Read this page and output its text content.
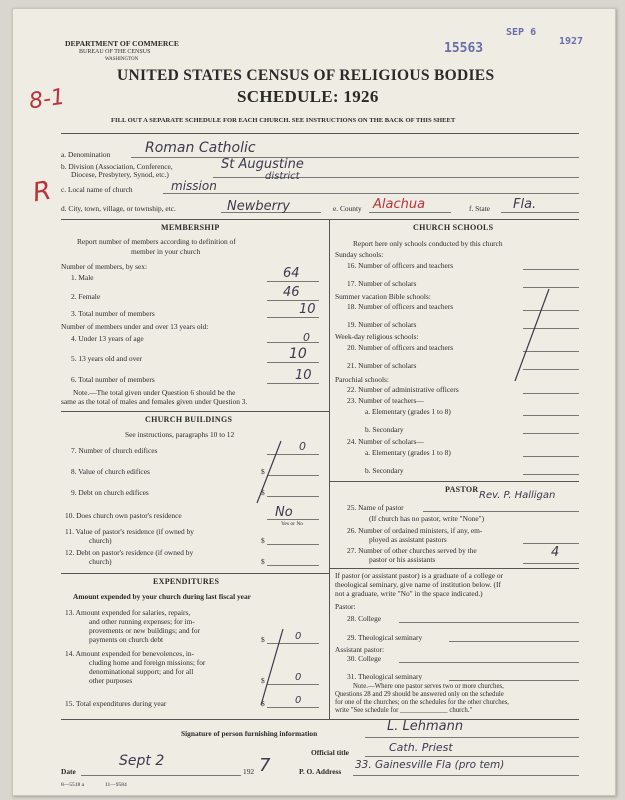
DEPARTMENT OF COMMERCE
BUREAU OF THE CENSUS
WASHINGTON
15563
SEP 6
1927
UNITED STATES CENSUS OF RELIGIOUS BODIES
SCHEDULE: 1926
FILL OUT A SEPARATE SCHEDULE FOR EACH CHURCH. SEE INSTRUCTIONS ON THE BACK OF THIS SHEET
8-1
R
a. Denomination Roman Catholic
b. Division (Association, Conference,
Diocese, Presbytery, Synod, etc.)
St Augustine
district
c. Local name of church	mission
d. City, town, village, or township, etc.	Newberry	e. County Alachua	f. State Fla.
MEMBERSHIP
Report number of members according to definition of
member in your church
Number of members, by sex:
1. Male	64
2. Female	46
3. Total number of members	10
Number of members under and over 13 years old:
4. Under 13 years of age	0
5. 13 years old and over	10
6. Total number of members	10
Note.—The total given under Question 6 should be the
same as the total of males and females given under Question 3.
CHURCH BUILDINGS
See instructions, paragraphs 10 to 12
7. Number of church edifices	0
8. Value of church edifices	$
9. Debt on church edifices	$
10. Does church own pastor's residence	No
Yes or No
11. Value of pastor's residence (if owned by
church)	$
12. Debt on pastor's residence (if owned by
church)	$
EXPENDITURES
Amount expended by your church during last fiscal year
13. Amount expended for salaries, repairs,
and other running expenses; for im-
provements or new buildings; and for
payments on church debt	$	0
14. Amount expended for benevolences, in-
cluding home and foreign missions; for
denominational support; and for all
other purposes	$	0
15. Total expenditures during year	$	0
CHURCH SCHOOLS
Report here only schools conducted by this church
Sunday schools:
16. Number of officers and teachers
17. Number of scholars
Summer vacation Bible schools:
18. Number of officers and teachers
19. Number of scholars
Week-day religious schools:
20. Number of officers and teachers
21. Number of scholars
Parochial schools:
22. Number of administrative officers
23. Number of teachers—
a. Elementary (grades 1 to 8)
b. Secondary
24. Number of scholars—
a. Elementary (grades 1 to 8)
b. Secondary
PASTOR
25. Name of pastor
Rev. P. Halligan
(If church has no pastor, write "None")
26. Number of ordained ministers, if any, em-
ployed as assistant pastors
27. Number of other churches served by the
pastor or his assistants	4
If pastor (or assistant pastor) is a graduate of a college or
theological seminary, give name of institution below. (If
not a graduate, write "No" in the space indicated.)
Pastor:
28. College
29. Theological seminary
Assistant pastor:
30. College
31. Theological seminary
Note.—Where one pastor serves two or more churches,
Questions 28 and 29 should be answered only on the schedule
for one of the churches; on the schedules for the other churches,
write "See schedule for ______________ church."
Signature of person furnishing information	L. Lehmann
Official title	Cath. Priest
Date
Sept 2
192 7	P. O. Address
33. Gainesville Fla (pro tem)
8—5518 a	11—9584
